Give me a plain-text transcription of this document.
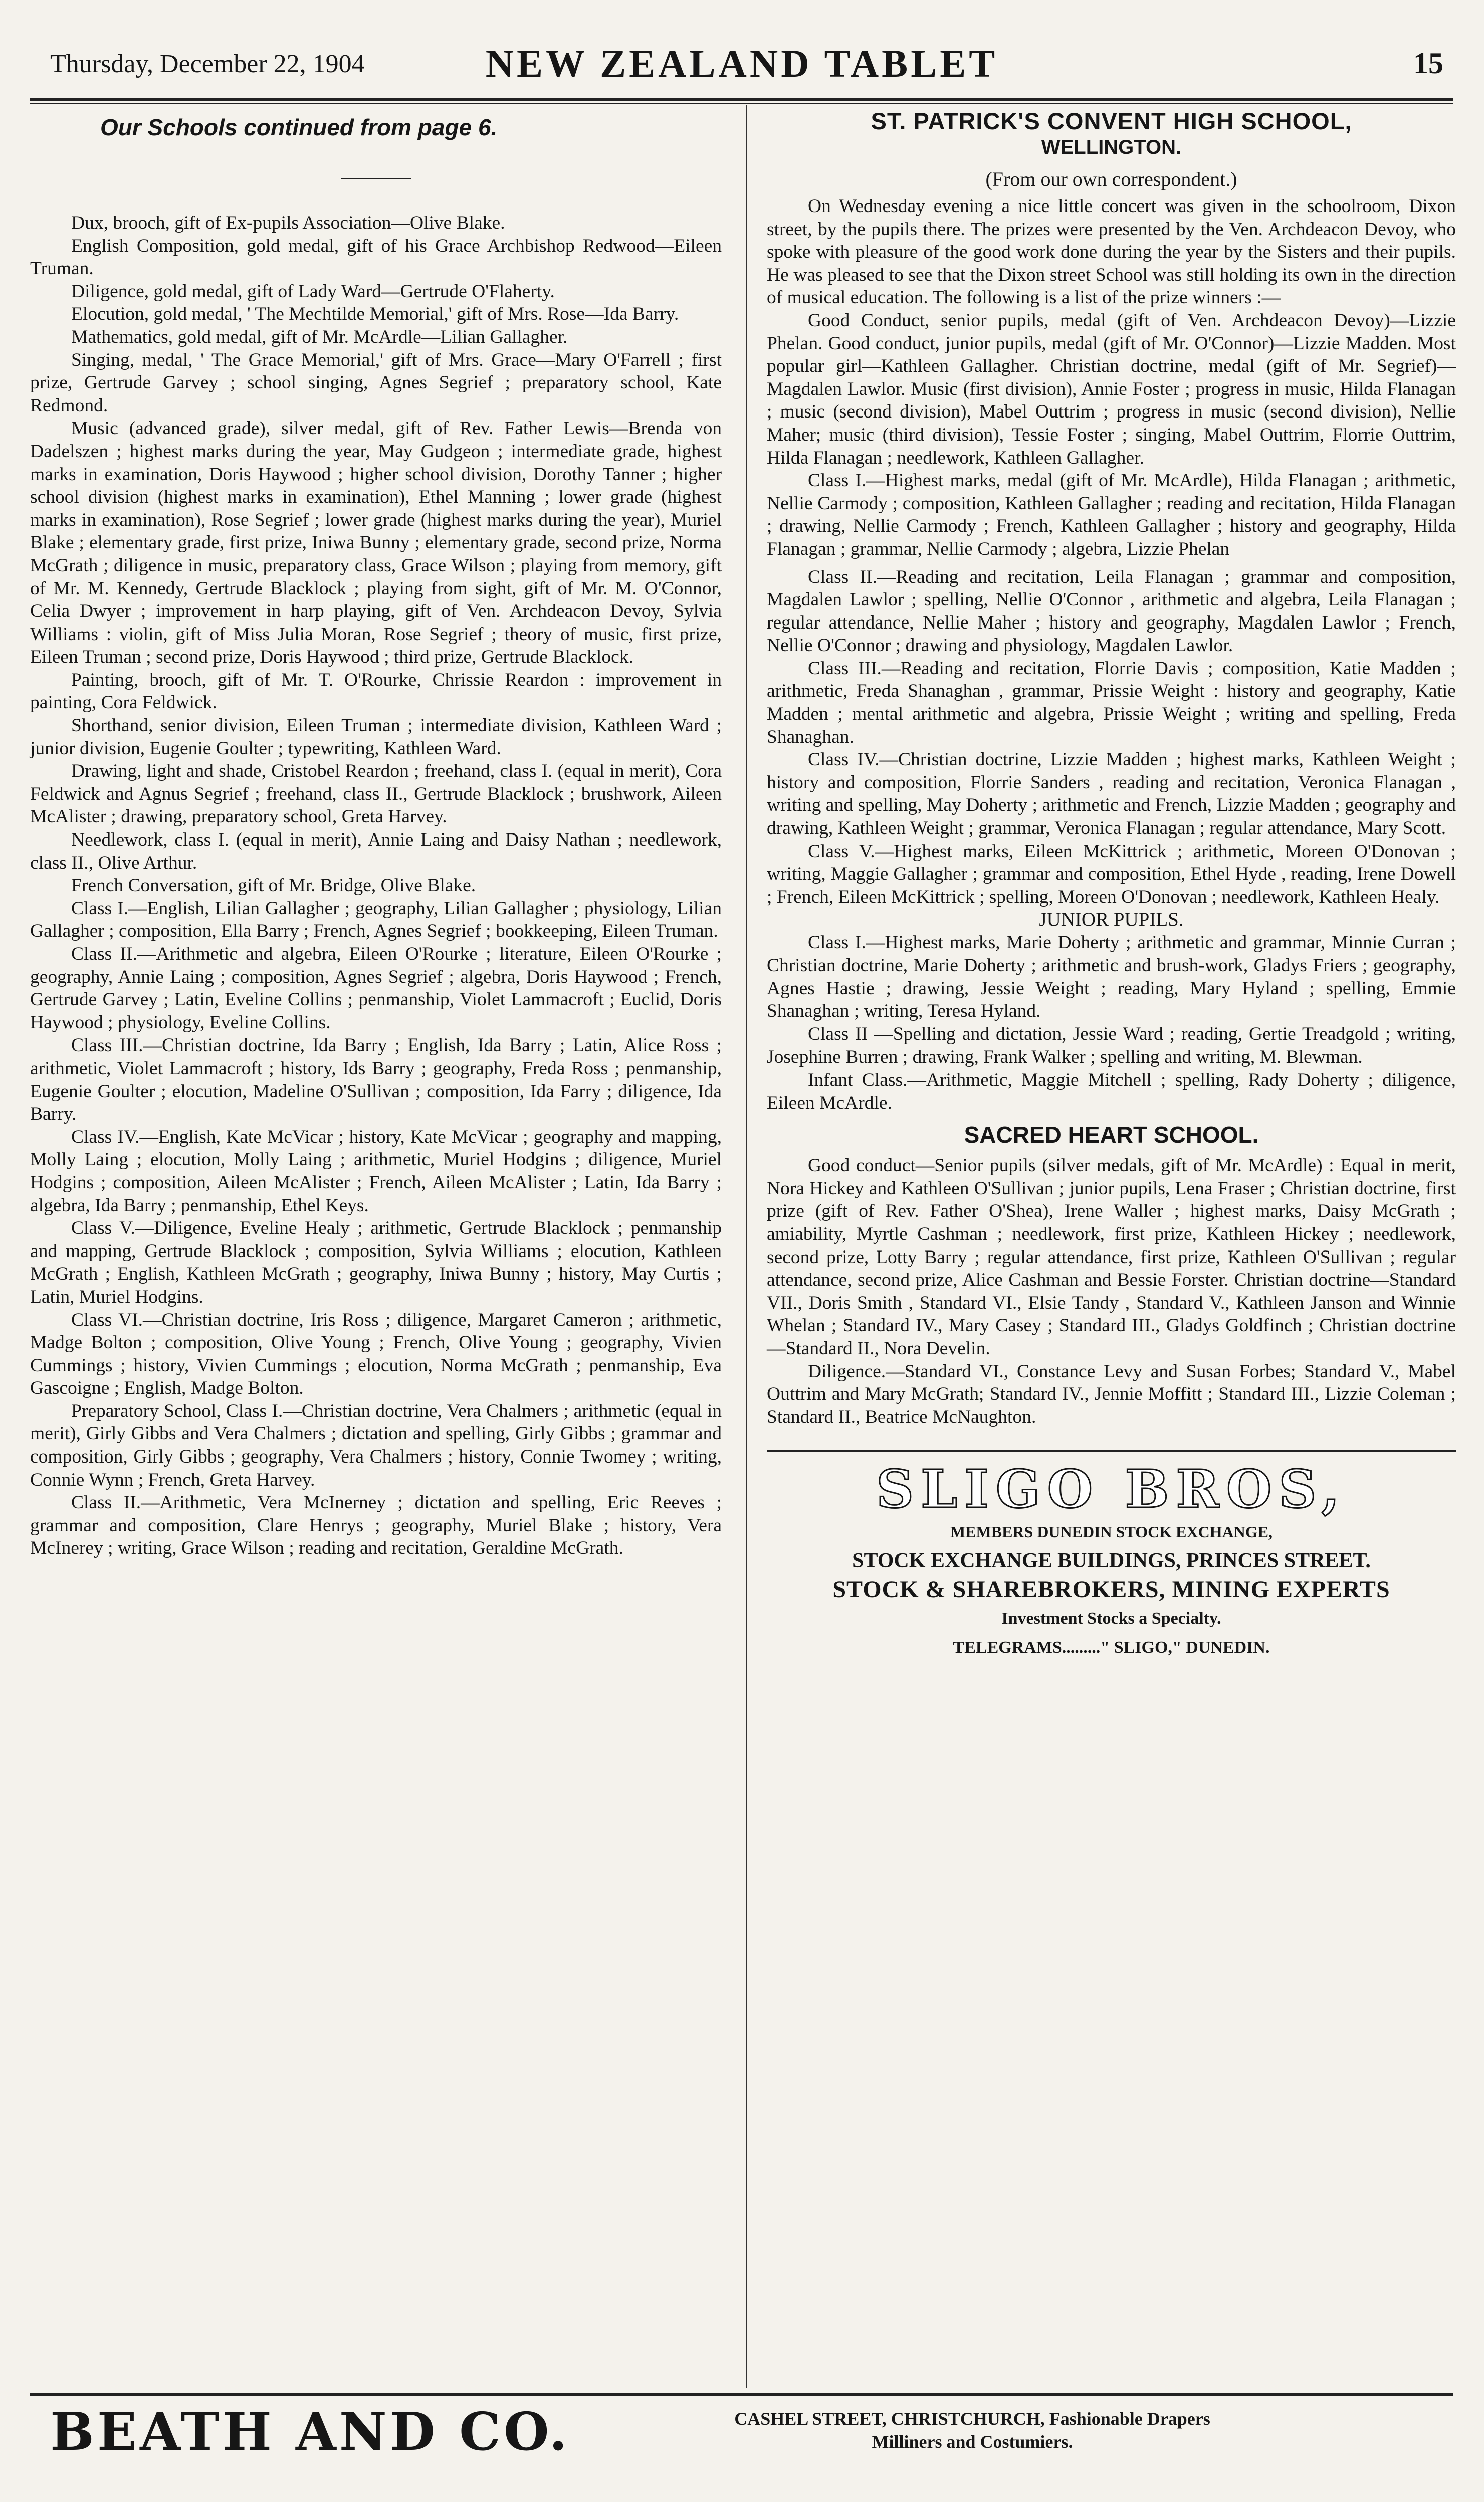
Thursday, December 22, 1904	NEW ZEALAND TABLET	15
Our Schools continued from page 6.

Dux, brooch, gift of Ex-pupils Association—Olive Blake.

English Composition, gold medal, gift of his Grace Archbishop Redwood—Eileen Truman.

Diligence, gold medal, gift of Lady Ward—Gertrude O'Flaherty.

Elocution, gold medal, ' The Mechtilde Memorial,' gift of Mrs. Rose—Ida Barry.

Mathematics, gold medal, gift of Mr. McArdle—Lilian Gallagher.

Singing, medal, ' The Grace Memorial,' gift of Mrs. Grace—Mary O'Farrell ; first prize, Gertrude Garvey ; school singing, Agnes Segrief ; preparatory school, Kate Redmond.

Music (advanced grade), silver medal, gift of Rev. Father Lewis—Brenda von Dadelszen ; highest marks during the year, May Gudgeon ; intermediate grade, highest marks in examination, Doris Haywood ; higher school division, Dorothy Tanner ; higher school division (highest marks in examination), Ethel Manning ; lower grade (highest marks in examination), Rose Segrief ; lower grade (highest marks during the year), Muriel Blake ; elementary grade, first prize, Iniwa Bunny ; elementary grade, second prize, Norma McGrath ; diligence in music, preparatory class, Grace Wilson ; playing from memory, gift of Mr. M. Kennedy, Gertrude Blacklock ; playing from sight, gift of Mr. M. O'Connor, Celia Dwyer ; improvement in harp playing, gift of Ven. Archdeacon Devoy, Sylvia Williams : violin, gift of Miss Julia Moran, Rose Segrief ; theory of music, first prize, Eileen Truman ; second prize, Doris Haywood ; third prize, Gertrude Blacklock.

Painting, brooch, gift of Mr. T. O'Rourke, Chrissie Reardon : improvement in painting, Cora Feldwick.

Shorthand, senior division, Eileen Truman ; intermediate division, Kathleen Ward ; junior division, Eugenie Goulter ; typewriting, Kathleen Ward.

Drawing, light and shade, Cristobel Reardon ; freehand, class I. (equal in merit), Cora Feldwick and Agnus Segrief ; freehand, class II., Gertrude Blacklock ; brushwork, Aileen McAlister ; drawing, preparatory school, Greta Harvey.

Needlework, class I. (equal in merit), Annie Laing and Daisy Nathan ; needlework, class II., Olive Arthur.

French Conversation, gift of Mr. Bridge, Olive Blake.

Class I.—English, Lilian Gallagher ; geography, Lilian Gallagher ; physiology, Lilian Gallagher ; composition, Ella Barry ; French, Agnes Segrief ; bookkeeping, Eileen Truman.

Class II.—Arithmetic and algebra, Eileen O'Rourke ; literature, Eileen O'Rourke ; geography, Annie Laing ; composition, Agnes Segrief ; algebra, Doris Haywood ; French, Gertrude Garvey ; Latin, Eveline Collins ; penmanship, Violet Lammacroft ; Euclid, Doris Haywood ; physiology, Eveline Collins.

Class III.—Christian doctrine, Ida Barry ; English, Ida Barry ; Latin, Alice Ross ; arithmetic, Violet Lammacroft ; history, Ids Barry ; geography, Freda Ross ; penmanship, Eugenie Goulter ; elocution, Madeline O'Sullivan ; composition, Ida Farry ; diligence, Ida Barry.

Class IV.—English, Kate McVicar ; history, Kate McVicar ; geography and mapping, Molly Laing ; elocution, Molly Laing ; arithmetic, Muriel Hodgins ; diligence, Muriel Hodgins ; composition, Aileen McAlister ; French, Aileen McAlister ; Latin, Ida Barry ; algebra, Ida Barry ; penmanship, Ethel Keys.

Class V.—Diligence, Eveline Healy ; arithmetic, Gertrude Blacklock ; penmanship and mapping, Gertrude Blacklock ; composition, Sylvia Williams ; elocution, Kathleen McGrath ; English, Kathleen McGrath ; geography, Iniwa Bunny ; history, May Curtis ; Latin, Muriel Hodgins.

Class VI.—Christian doctrine, Iris Ross ; diligence, Margaret Cameron ; arithmetic, Madge Bolton ; composition, Olive Young ; French, Olive Young ; geography, Vivien Cummings ; history, Vivien Cummings ; elocution, Norma McGrath ; penmanship, Eva Gascoigne ; English, Madge Bolton.

Preparatory School, Class I.—Christian doctrine, Vera Chalmers ; arithmetic (equal in merit), Girly Gibbs and Vera Chalmers ; dictation and spelling, Girly Gibbs ; grammar and composition, Girly Gibbs ; geography, Vera Chalmers ; history, Connie Twomey ; writing, Connie Wynn ; French, Greta Harvey.

Class II.—Arithmetic, Vera McInerney ; dictation and spelling, Eric Reeves ; grammar and composition, Clare Henrys ; geography, Muriel Blake ; history, Vera McInerey ; writing, Grace Wilson ; reading and recitation, Geraldine McGrath.

ST. PATRICK'S CONVENT HIGH SCHOOL,
WELLINGTON.
(From our own correspondent.)

On Wednesday evening a nice little concert was given in the schoolroom, Dixon street, by the pupils there. The prizes were presented by the Ven. Archdeacon Devoy, who spoke with pleasure of the good work done during the year by the Sisters and their pupils. He was pleased to see that the Dixon street School was still holding its own in the direction of musical education. The following is a list of the prize winners :—

Good Conduct, senior pupils, medal (gift of Ven. Archdeacon Devoy)—Lizzie Phelan. Good conduct, junior pupils, medal (gift of Mr. O'Connor)—Lizzie Madden. Most popular girl—Kathleen Gallagher. Christian doctrine, medal (gift of Mr. Segrief)—Magdalen Lawlor. Music (first division), Annie Foster ; progress in music, Hilda Flanagan ; music (second division), Mabel Outtrim ; progress in music (second division), Nellie Maher; music (third division), Tessie Foster ; singing, Mabel Outtrim, Florrie Outtrim, Hilda Flanagan ; needlework, Kathleen Gallagher.

Class I.—Highest marks, medal (gift of Mr. McArdle), Hilda Flanagan ; arithmetic, Nellie Carmody ; composition, Kathleen Gallagher ; reading and recitation, Hilda Flanagan ; drawing, Nellie Carmody ; French, Kathleen Gallagher ; history and geography, Hilda Flanagan ; grammar, Nellie Carmody ; algebra, Lizzie Phelan

Class II.—Reading and recitation, Leila Flanagan ; grammar and composition, Magdalen Lawlor ; spelling, Nellie O'Connor , arithmetic and algebra, Leila Flanagan ; regular attendance, Nellie Maher ; history and geography, Magdalen Lawlor ; French, Nellie O'Connor ; drawing and physiology, Magdalen Lawlor.

Class III.—Reading and recitation, Florrie Davis ; composition, Katie Madden ; arithmetic, Freda Shanaghan , grammar, Prissie Weight : history and geography, Katie Madden ; mental arithmetic and algebra, Prissie Weight ; writing and spelling, Freda Shanaghan.

Class IV.—Christian doctrine, Lizzie Madden ; highest marks, Kathleen Weight ; history and composition, Florrie Sanders , reading and recitation, Veronica Flanagan , writing and spelling, May Doherty ; arithmetic and French, Lizzie Madden ; geography and drawing, Kathleen Weight ; grammar, Veronica Flanagan ; regular attendance, Mary Scott.

Class V.—Highest marks, Eileen McKittrick ; arithmetic, Moreen O'Donovan ; writing, Maggie Gallagher ; grammar and composition, Ethel Hyde , reading, Irene Dowell ; French, Eileen McKittrick ; spelling, Moreen O'Donovan ; needlework, Kathleen Healy.

JUNIOR PUPILS.

Class I.—Highest marks, Marie Doherty ; arithmetic and grammar, Minnie Curran ; Christian doctrine, Marie Doherty ; arithmetic and brush-work, Gladys Friers ; geography, Agnes Hastie ; drawing, Jessie Weight ; reading, Mary Hyland ; spelling, Emmie Shanaghan ; writing, Teresa Hyland.

Class II —Spelling and dictation, Jessie Ward ; reading, Gertie Treadgold ; writing, Josephine Burren ; drawing, Frank Walker ; spelling and writing, M. Blewman.

Infant Class.—Arithmetic, Maggie Mitchell ; spelling, Rady Doherty ; diligence, Eileen McArdle.

SACRED HEART SCHOOL.

Good conduct—Senior pupils (silver medals, gift of Mr. McArdle) : Equal in merit, Nora Hickey and Kathleen O'Sullivan ; junior pupils, Lena Fraser ; Christian doctrine, first prize (gift of Rev. Father O'Shea), Irene Waller ; highest marks, Daisy McGrath ; amiability, Myrtle Cashman ; needlework, first prize, Kathleen Hickey ; needlework, second prize, Lotty Barry ; regular attendance, first prize, Kathleen O'Sullivan ; regular attendance, second prize, Alice Cashman and Bessie Forster. Christian doctrine—Standard VII., Doris Smith , Standard VI., Elsie Tandy , Standard V., Kathleen Janson and Winnie Whelan ; Standard IV., Mary Casey ; Standard III., Gladys Goldfinch ; Christian doctrine—Standard II., Nora Develin.

Diligence.—Standard VI., Constance Levy and Susan Forbes; Standard V., Mabel Outtrim and Mary McGrath; Standard IV., Jennie Moffitt ; Standard III., Lizzie Coleman ; Standard II., Beatrice McNaughton.

SLIGO BROS,
MEMBERS DUNEDIN STOCK EXCHANGE,
STOCK EXCHANGE BUILDINGS, PRINCES STREET.
STOCK & SHAREBROKERS, MINING EXPERTS
Investment Stocks a Specialty.
TELEGRAMS........." SLIGO," DUNEDIN.
BEATH AND CO.	CASHEL STREET, CHRISTCHURCH, Fashionable Drapers
Milliners and Costumiers.
